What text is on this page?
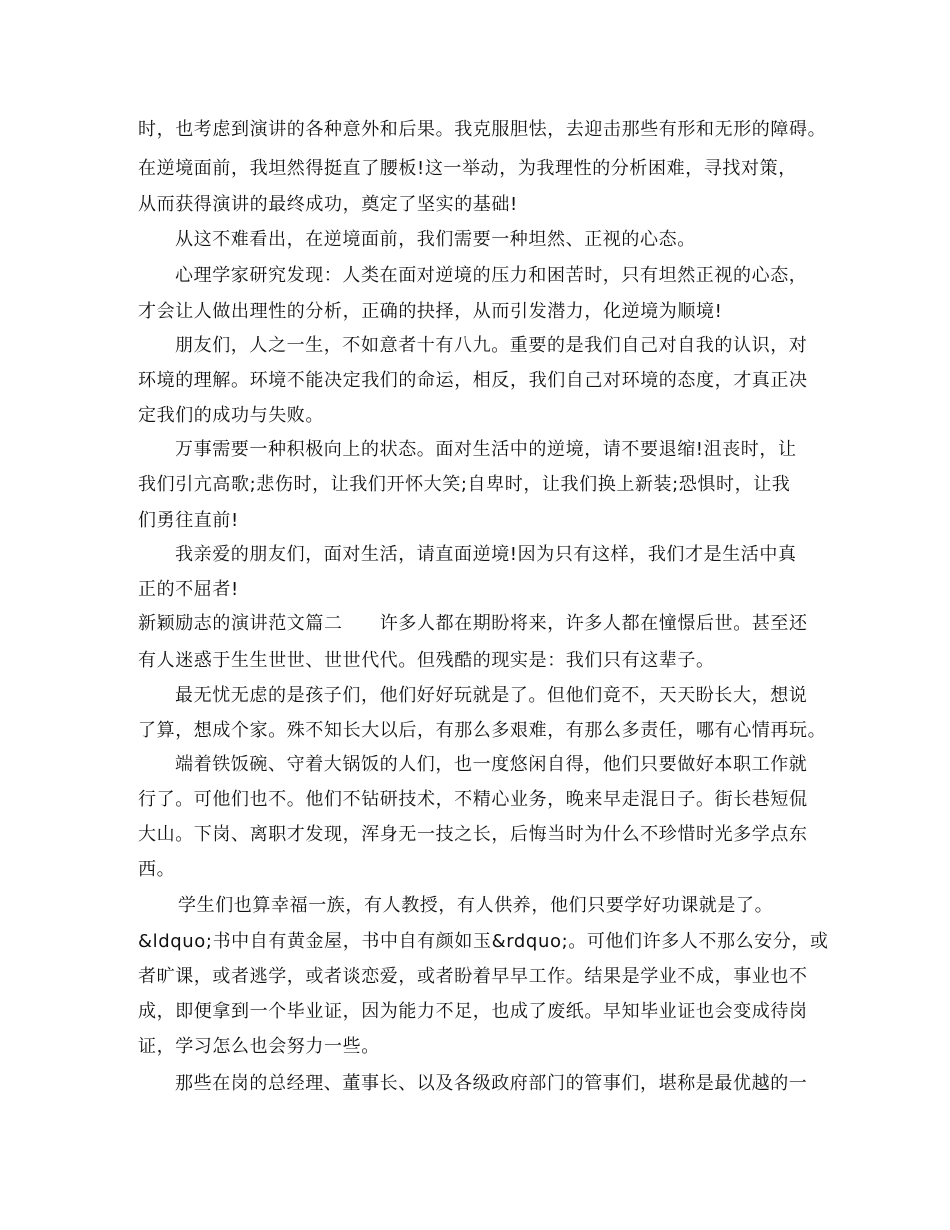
时，也考虑到演讲的各种意外和后果。我克服胆怯，去迎击那些有形和无形的障碍。
在逆境面前，我坦然得挺直了腰板!这一举动，为我理性的分析困难，寻找对策，
从而获得演讲的最终成功，奠定了坚实的基础!
从这不难看出，在逆境面前，我们需要一种坦然、正视的心态。
心理学家研究发现：人类在面对逆境的压力和困苦时，只有坦然正视的心态，
才会让人做出理性的分析，正确的抉择，从而引发潜力，化逆境为顺境!
朋友们，人之一生，不如意者十有八九。重要的是我们自己对自我的认识，对
环境的理解。环境不能决定我们的命运，相反，我们自己对环境的态度，才真正决
定我们的成功与失败。
万事需要一种积极向上的状态。面对生活中的逆境，请不要退缩!沮丧时，让
我们引亢高歌;悲伤时，让我们开怀大笑;自卑时，让我们换上新装;恐惧时，让我
们勇往直前!
我亲爱的朋友们，面对生活，请直面逆境!因为只有这样，我们才是生活中真
正的不屈者!
新颖励志的演讲范文篇二　　许多人都在期盼将来，许多人都在憧憬后世。甚至还
有人迷惑于生生世世、世世代代。但残酷的现实是：我们只有这辈子。
最无忧无虑的是孩子们，他们好好玩就是了。但他们竟不，天天盼长大，想说
了算，想成个家。殊不知长大以后，有那么多艰难，有那么多责任，哪有心情再玩。
端着铁饭碗、守着大锅饭的人们，也一度悠闲自得，他们只要做好本职工作就
行了。可他们也不。他们不钻研技术，不精心业务，晚来早走混日子。街长巷短侃
大山。下岗、离职才发现，浑身无一技之长，后悔当时为什么不珍惜时光多学点东
西。
学生们也算幸福一族，有人教授，有人供养，他们只要学好功课就是了。
&ldquo;书中自有黄金屋，书中自有颜如玉&rdquo;。可他们许多人不那么安分，或
者旷课，或者逃学，或者谈恋爱，或者盼着早早工作。结果是学业不成，事业也不
成，即便拿到一个毕业证，因为能力不足，也成了废纸。早知毕业证也会变成待岗
证，学习怎么也会努力一些。
那些在岗的总经理、董事长、以及各级政府部门的管事们，堪称是最优越的一
